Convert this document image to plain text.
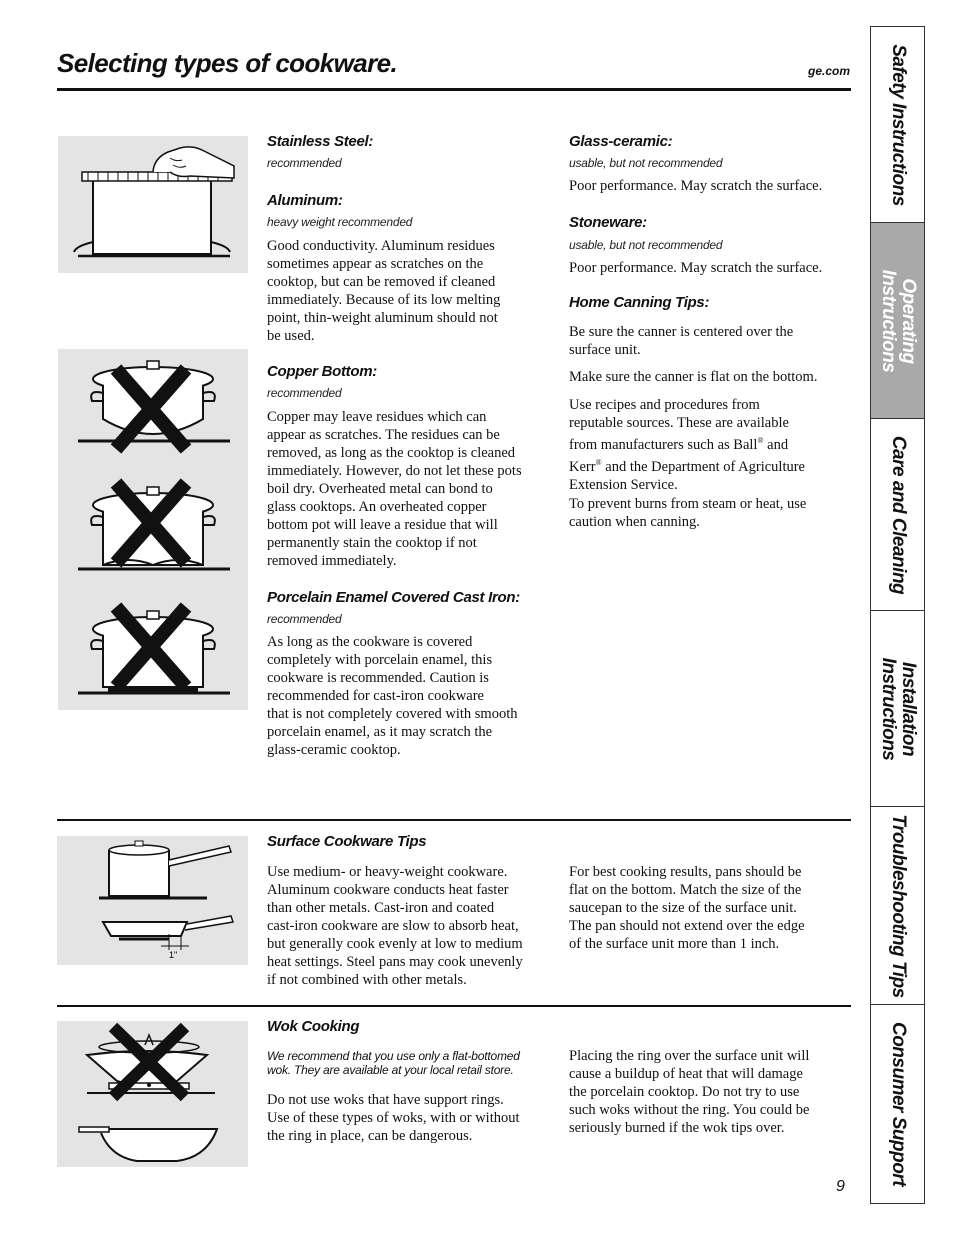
Selecting types of cookware.	ge.com
Stainless Steel:
recommended
Aluminum:
heavy weight recommended
Good conductivity. Aluminum residues
sometimes appear as scratches on the
cooktop, but can be removed if cleaned
immediately. Because of its low melting
point, thin-weight aluminum should not
be used.
Copper Bottom:
recommended
Copper may leave residues which can
appear as scratches. The residues can be
removed, as long as the cooktop is cleaned
immediately. However, do not let these pots
boil dry. Overheated metal can bond to
glass cooktops. An overheated copper
bottom pot will leave a residue that will
permanently stain the cooktop if not
removed immediately.
Porcelain Enamel Covered Cast Iron:
recommended
As long as the cookware is covered
completely with porcelain enamel, this
cookware is recommended. Caution is
recommended for cast-iron cookware
that is not completely covered with smooth
porcelain enamel, as it may scratch the
glass-ceramic cooktop.
Glass-ceramic:
usable, but not recommended
Poor performance. May scratch the surface.
Stoneware:
usable, but not recommended
Poor performance. May scratch the surface.
Home Canning Tips:
Be sure the canner is centered over the
surface unit.
Make sure the canner is flat on the bottom.
Use recipes and procedures from
reputable sources. These are available
from manufacturers such as Ball® and
Kerr® and the Department of Agriculture
Extension Service.
To prevent burns from steam or heat, use
caution when canning.
1"
Surface Cookware Tips
Use medium- or heavy-weight cookware.
Aluminum cookware conducts heat faster
than other metals. Cast-iron and coated
cast-iron cookware are slow to absorb heat,
but generally cook evenly at low to medium
heat settings. Steel pans may cook unevenly
if not combined with other metals.
For best cooking results, pans should be
flat on the bottom. Match the size of the
saucepan to the size of the surface unit.
The pan should not extend over the edge
of the surface unit more than 1 inch.
Wok Cooking
We recommend that you use only a flat-bottomed
wok. They are available at your local retail store.
Do not use woks that have support rings.
Use of these types of woks, with or without
the ring in place, can be dangerous.
Placing the ring over the surface unit will
cause a buildup of heat that will damage
the porcelain cooktop. Do not try to use
such woks without the ring. You could be
seriously burned if the wok tips over.
9
Safety Instructions
Operating
Instructions
Care and Cleaning
Installation
Instructions
Troubleshooting Tips
Consumer Support
